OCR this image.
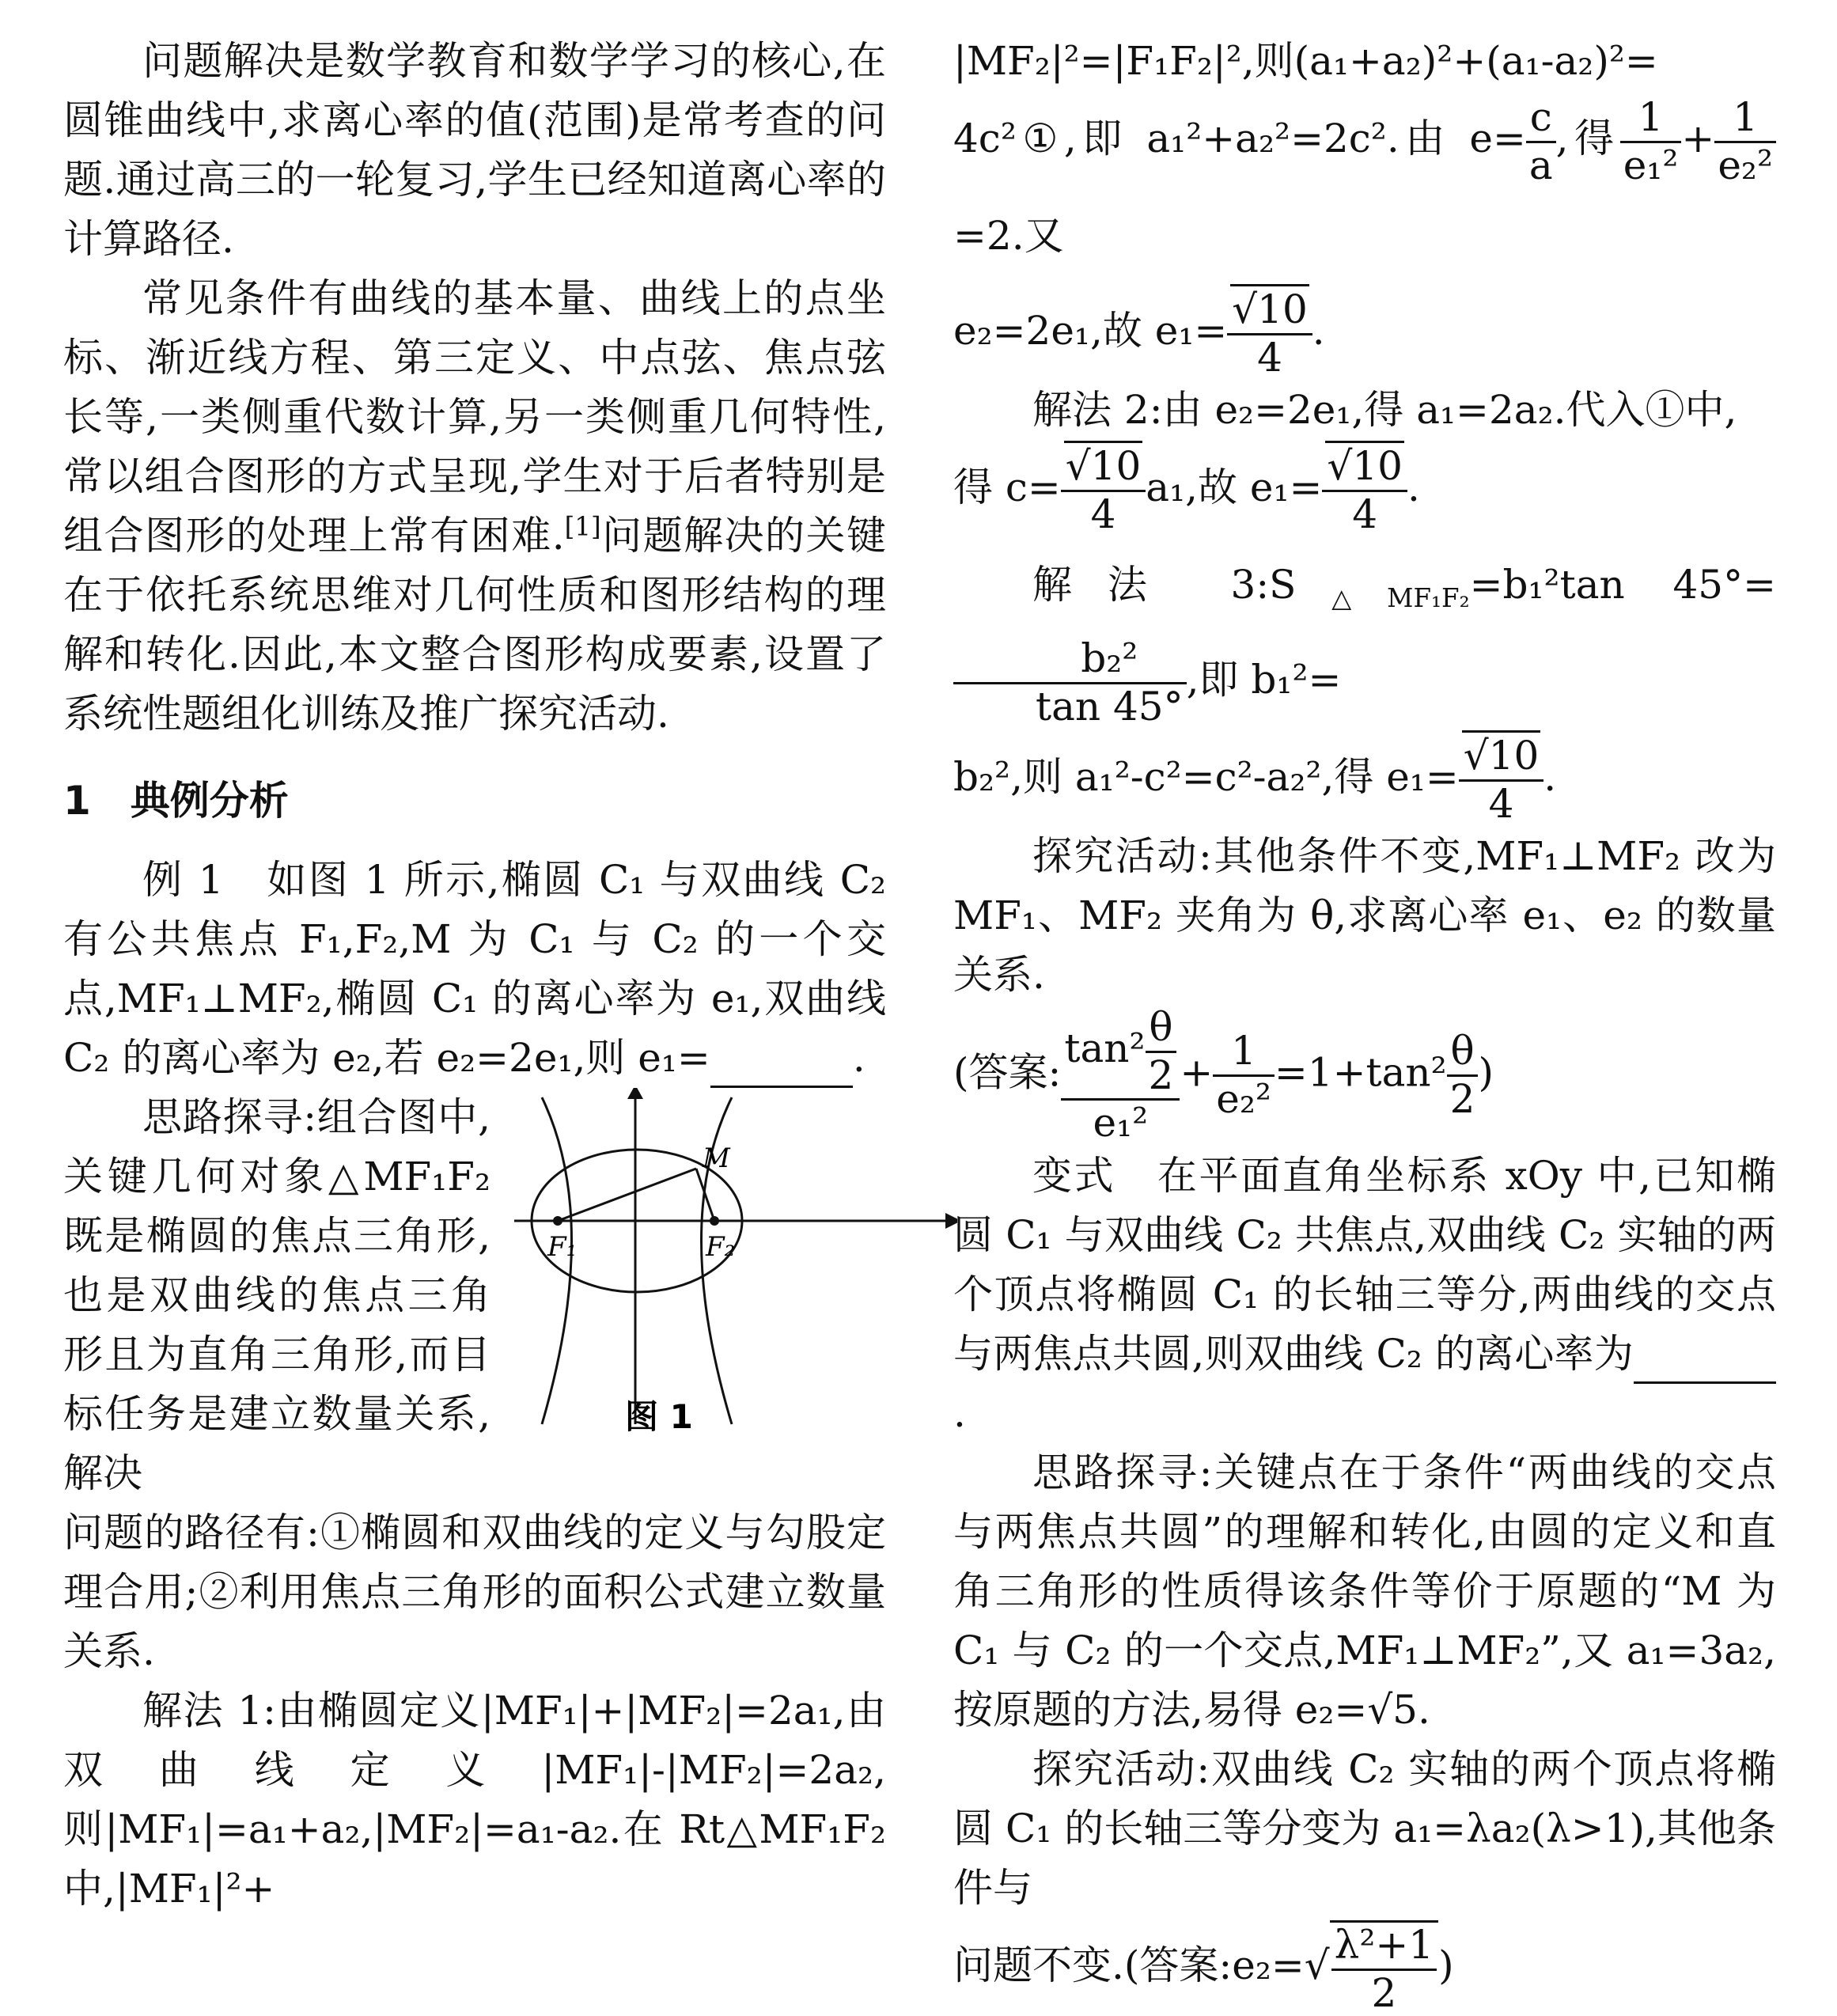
问题解决是数学教育和数学学习的核心,在圆锥曲线中,求离心率的值(范围)是常考查的问题.通过高三的一轮复习,学生已经知道离心率的计算路径.

常见条件有曲线的基本量、曲线上的点坐标、渐近线方程、第三定义、中点弦、焦点弦长等,一类侧重代数计算,另一类侧重几何特性,常以组合图形的方式呈现,学生对于后者特别是组合图形的处理上常有困难.[1]问题解决的关键在于依托系统思维对几何性质和图形结构的理解和转化.因此,本文整合图形构成要素,设置了系统性题组化训练及推广探究活动.

1　典例分析

例 1　如图 1 所示,椭圆 C₁ 与双曲线 C₂ 有公共焦点 F₁,F₂,M 为 C₁ 与 C₂ 的一个交点,MF₁⊥MF₂,椭圆 C₁ 的离心率为 e₁,双曲线 C₂ 的离心率为 e₂,若 e₂=2e₁,则 e₁=	.

思路探寻:组合图中,关键几何对象△MF₁F₂ 既是椭圆的焦点三角形,也是双曲线的焦点三角形且为直角三角形,而目标任务是建立数量关系,解决

M
F₁	F₂
图 1

问题的路径有:①椭圆和双曲线的定义与勾股定理合用;②利用焦点三角形的面积公式建立数量关系.

解法 1:由椭圆定义|MF₁|+|MF₂|=2a₁,由双曲线定义|MF₁|-|MF₂|=2a₂,则|MF₁|=a₁+a₂,|MF₂|=a₁-a₂.在 Rt△MF₁F₂ 中,|MF₁|²+

|MF₂|²=|F₁F₂|²,则(a₁+a₂)²+(a₁-a₂)²=

4c²①,即 a₁²+a₂²=2c².由 $e= \frac{c}{a}$ ,得 $\frac{1}{\text{e₁²}} + \frac{1}{\text{e₂²}}$
=2.又

e₂=2e₁,故 $e_1= \frac{√10}{4}$ .

解法 2:由 e₂=2e₁,得 a₁=2a₂.代入①中,

得 $c= \frac{√10}{4} a_1$,故 $e_1= \frac{√10}{4}$ .

解法 $3:S_{\triangle MF_1F_2}=b_1^2\tan$ 45°=
$\frac{\text{b₂²}}{\tan 45^\circ}$ ,即 b₁²=

b₂²,则 a₁²-c²=c²-a₂²,得 $e_1= \frac{√10}{4}$ .

探究活动:其他条件不变,MF₁⊥MF₂ 改为 MF₁、MF₂ 夹角为 θ,求离心率 e₁、e₂ 的数量关系.

(答案: $\frac{\tan^2 \frac{\theta}{2}}{\text{e₁²}} + \frac{1}{\text{e₂²}} =1+\tan^2 \frac{\theta}{2}$ )

变式　在平面直角坐标系 xOy 中,已知椭圆 C₁ 与双曲线 C₂ 共焦点,双曲线 C₂ 实轴的两个顶点将椭圆 C₁ 的长轴三等分,两曲线的交点与两焦点共圆,则双曲线 C₂ 的离心率为.

思路探寻:关键点在于条件“两曲线的交点与两焦点共圆”的理解和转化,由圆的定义和直角三角形的性质得该条件等价于原题的“M 为 C₁ 与 C₂ 的一个交点,MF₁⊥MF₂”,又 a₁=3a₂,按原题的方法,易得 e₂=√5.

探究活动:双曲线 C₂ 实轴的两个顶点将椭圆 C₁ 的长轴三等分变为 a₁=λa₂(λ>1),其他条件与

问题不变.(答案:e₂=√ $\frac{\text{λ²+1}}{2}$ )
